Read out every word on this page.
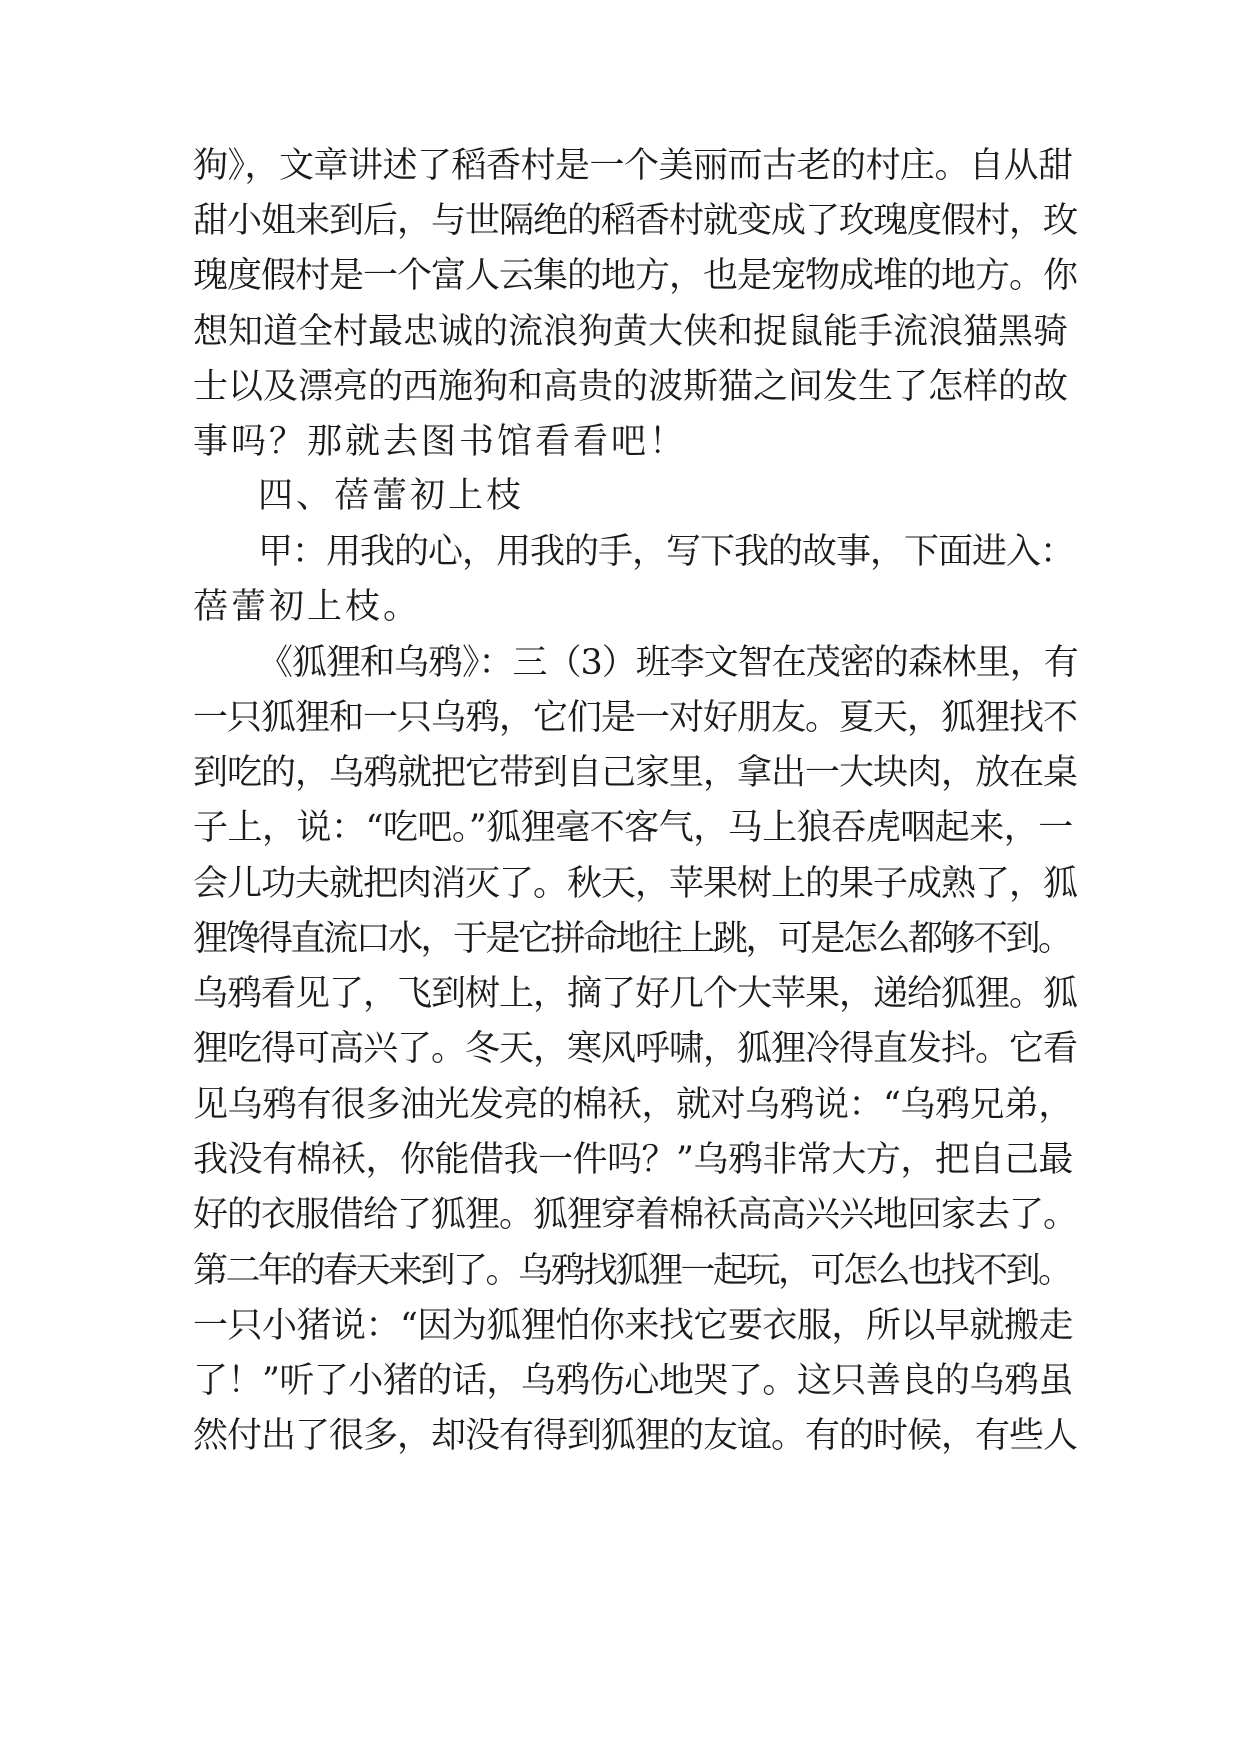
狗》，文章讲述了稻香村是一个美丽而古老的村庄。自从甜

甜小姐来到后，与世隔绝的稻香村就变成了玫瑰度假村，玫

瑰度假村是一个富人云集的地方，也是宠物成堆的地方。你

想知道全村最忠诚的流浪狗黄大侠和捉鼠能手流浪猫黑骑

士以及漂亮的西施狗和高贵的波斯猫之间发生了怎样的故

事吗？那就去图书馆看看吧！

四、蓓蕾初上枝

甲：用我的心，用我的手，写下我的故事，下面进入：

蓓蕾初上枝。

《狐狸和乌鸦》：三（3）班李文智在茂密的森林里，有

一只狐狸和一只乌鸦，它们是一对好朋友。夏天，狐狸找不

到吃的，乌鸦就把它带到自己家里，拿出一大块肉，放在桌

子上，说：“吃吧。”狐狸毫不客气，马上狼吞虎咽起来，一

会儿功夫就把肉消灭了。秋天，苹果树上的果子成熟了，狐

狸馋得直流口水，于是它拼命地往上跳，可是怎么都够不到。

乌鸦看见了，飞到树上，摘了好几个大苹果，递给狐狸。狐

狸吃得可高兴了。冬天，寒风呼啸，狐狸冷得直发抖。它看

见乌鸦有很多油光发亮的棉袄，就对乌鸦说：“乌鸦兄弟，

我没有棉袄，你能借我一件吗？”乌鸦非常大方，把自己最

好的衣服借给了狐狸。狐狸穿着棉袄高高兴兴地回家去了。

第二年的春天来到了。乌鸦找狐狸一起玩，可怎么也找不到。

一只小猪说：“因为狐狸怕你来找它要衣服，所以早就搬走

了！”听了小猪的话，乌鸦伤心地哭了。这只善良的乌鸦虽

然付出了很多，却没有得到狐狸的友谊。有的时候，有些人
